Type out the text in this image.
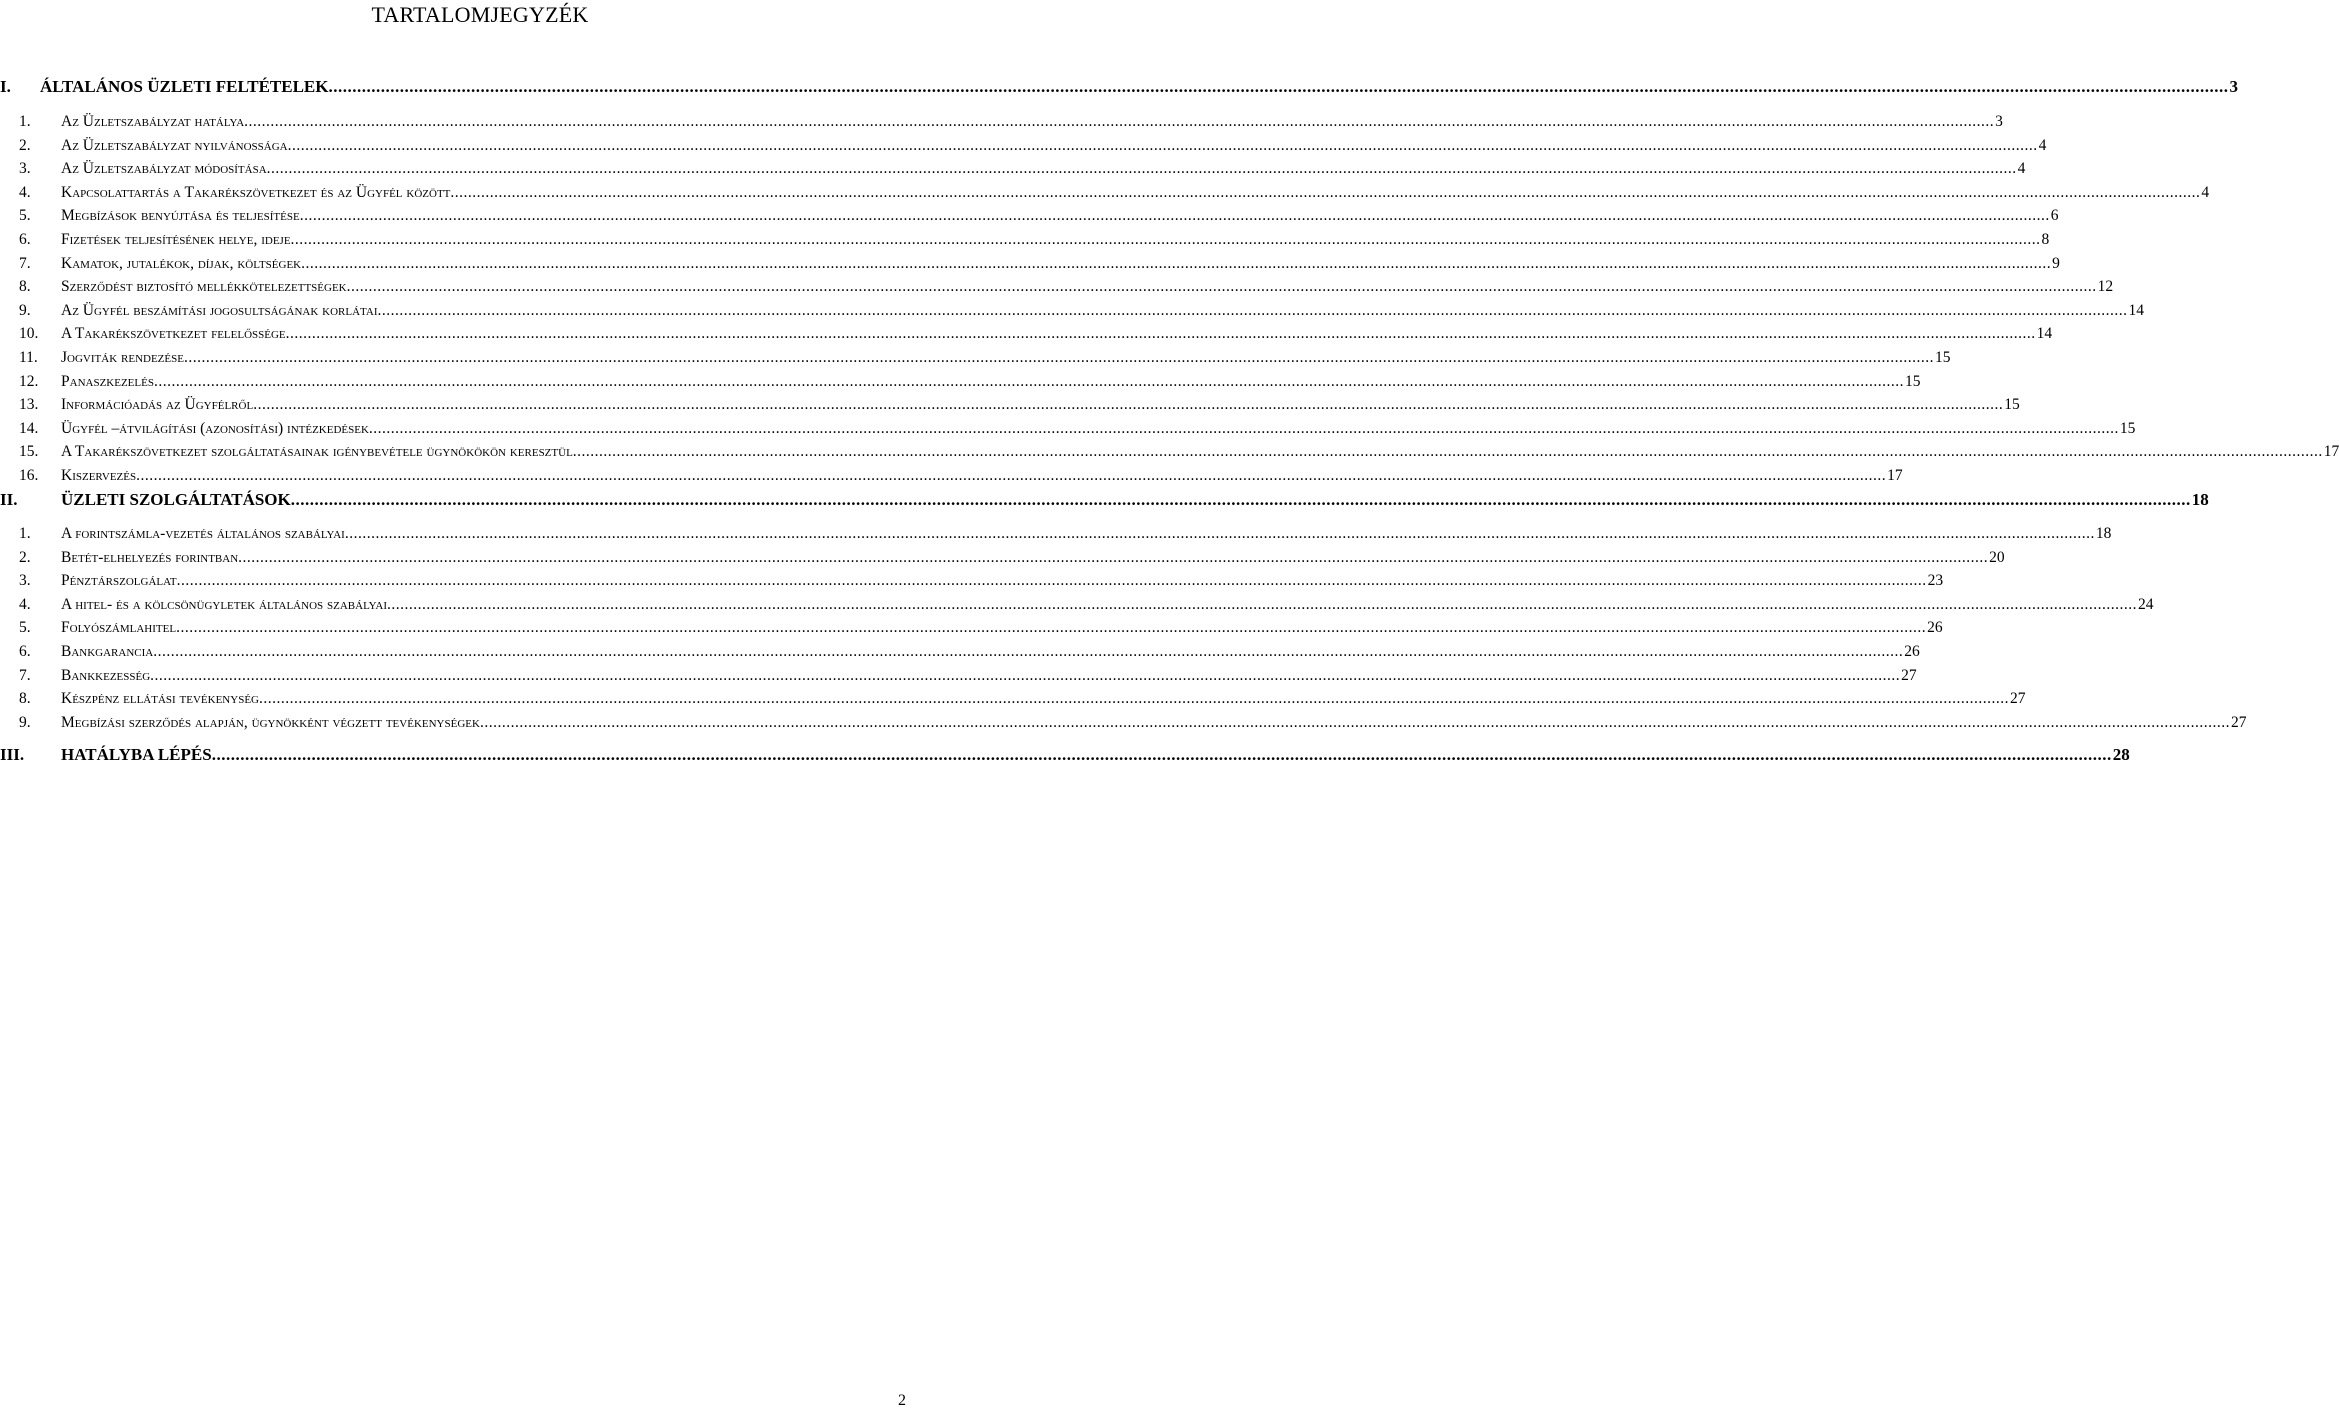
TARTALOMJEGYZÉK
I. ÁLTALÁNOS ÜZLETI FELTÉTELEK ................................................................................................................................................................................................................................................................................................................................................................................................................ 3
1. Az Üzletszabályzat hatálya ................................................................................................................................................................................................................................................................................................................................................................................................................ 3
2. Az Üzletszabályzat nyilvánossága ................................................................................................................................................................................................................................................................................................................................................................................................................ 4
3. Az Üzletszabályzat módosítása ................................................................................................................................................................................................................................................................................................................................................................................................................ 4
4. Kapcsolattartás a Takarékszövetkezet és az Ügyfél között ................................................................................................................................................................................................................................................................................................................................................................................................................ 4
5. Megbízások benyújtása és teljesítése ................................................................................................................................................................................................................................................................................................................................................................................................................ 6
6. Fizetések teljesítésének helye, ideje ................................................................................................................................................................................................................................................................................................................................................................................................................ 8
7. Kamatok, jutalékok, díjak, költségek ................................................................................................................................................................................................................................................................................................................................................................................................................ 9
8. Szerződést biztosító mellékkötelezettségek ................................................................................................................................................................................................................................................................................................................................................................................................................ 12
9. Az Ügyfél beszámítási jogosultságának korlátai ................................................................................................................................................................................................................................................................................................................................................................................................................ 14
10. A Takarékszövetkezet felelőssége ................................................................................................................................................................................................................................................................................................................................................................................................................ 14
11. Jogviták rendezése ................................................................................................................................................................................................................................................................................................................................................................................................................ 15
12. Panaszkezelés ................................................................................................................................................................................................................................................................................................................................................................................................................ 15
13. Információadás az Ügyfélről ................................................................................................................................................................................................................................................................................................................................................................................................................ 15
14. Ügyfél –átvilágítási (azonosítási) intézkedések ................................................................................................................................................................................................................................................................................................................................................................................................................ 15
15. A Takarékszövetkezet szolgáltatásainak igénybevétele ügynökökön keresztül ................................................................................................................................................................................................................................................................................................................................................................................................................ 17
16. Kiszervezés ................................................................................................................................................................................................................................................................................................................................................................................................................ 17
II.	ÜZLETI SZOLGÁLTATÁSOK ................................................................................................................................................................................................................................................................................................................................................................................................................ 18
1. A forintszámla-vezetés általános szabályai ................................................................................................................................................................................................................................................................................................................................................................................................................ 18
2. Betét-elhelyezés forintban ................................................................................................................................................................................................................................................................................................................................................................................................................ 20
3. Pénztárszolgálat ................................................................................................................................................................................................................................................................................................................................................................................................................ 23
4. A hitel- és a kölcsönügyletek általános szabályai ................................................................................................................................................................................................................................................................................................................................................................................................................ 24
5. Folyószámlahitel ................................................................................................................................................................................................................................................................................................................................................................................................................ 26
6. Bankgarancia ................................................................................................................................................................................................................................................................................................................................................................................................................ 26
7. Bankkezesség ................................................................................................................................................................................................................................................................................................................................................................................................................ 27
8. Készpénz ellátási tevékenység ................................................................................................................................................................................................................................................................................................................................................................................................................ 27
9. Megbízási szerződés alapján, ügynökként végzett tevékenységek ................................................................................................................................................................................................................................................................................................................................................................................................................ 27
III. HATÁLYBA LÉPÉS ................................................................................................................................................................................................................................................................................................................................................................................................................ 28
2
